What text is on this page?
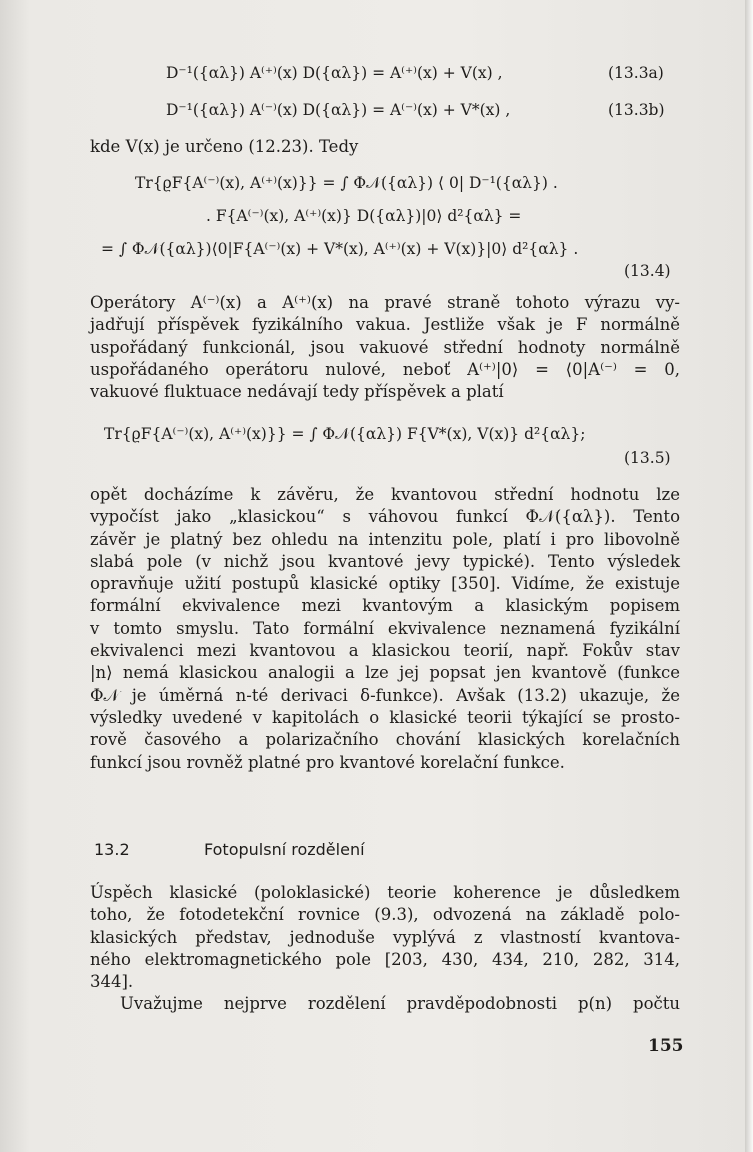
D⁻¹({αλ}) A⁽⁺⁾(x) D({αλ}) = A⁽⁺⁾(x) + V(x) ,	(13.3a)
D⁻¹({αλ}) A⁽⁻⁾(x) D({αλ}) = A⁽⁻⁾(x) + V*(x) ,	(13.3b)
kde V(x) je určeno (12.23). Tedy
Tr{ϱF{A⁽⁻⁾(x), A⁽⁺⁾(x)}} = ∫ Φ𝒩({αλ}) ⟨ 0| D⁻¹({αλ}) .
. F{A⁽⁻⁾(x), A⁽⁺⁾(x)} D({αλ})|0⟩ d²{αλ} =
= ∫ Φ𝒩({αλ})⟨0|F{A⁽⁻⁾(x) + V*(x), A⁽⁺⁾(x) + V(x)}|0⟩ d²{αλ} .
(13.4)
Operátory A⁽⁻⁾(x) a A⁽⁺⁾(x) na pravé straně tohoto výrazu vy-
jadřují příspěvek fyzikálního vakua. Jestliže však je F normálně
uspořádaný funkcionál, jsou vakuové střední hodnoty normálně
uspořádaného operátoru nulové, neboť A⁽⁺⁾|0⟩ = ⟨0|A⁽⁻⁾ = 0,
vakuové fluktuace nedávají tedy příspěvek a platí
Tr{ϱF{A⁽⁻⁾(x), A⁽⁺⁾(x)}} = ∫ Φ𝒩({αλ}) F{V*(x), V(x)} d²{αλ};
(13.5)
opět docházíme k závěru, že kvantovou střední hodnotu lze
vypočíst jako „klasickou“ s váhovou funkcí Φ𝒩({αλ}). Tento
závěr je platný bez ohledu na intenzitu pole, platí i pro libovolně
slabá pole (v nichž jsou kvantové jevy typické). Tento výsledek
opravňuje užití postupů klasické optiky [350]. Vidíme, že existuje
formální ekvivalence mezi kvantovým a klasickým popisem
v tomto smyslu. Tato formální ekvivalence neznamená fyzikální
ekvivalenci mezi kvantovou a klasickou teorií, např. Fokův stav
|n⟩ nemá klasickou analogii a lze jej popsat jen kvantově (funkce
Φ𝒩 je úměrná n-té derivaci δ-funkce). Avšak (13.2) ukazuje, že
výsledky uvedené v kapitolách o klasické teorii týkající se prosto-
rově časového a polarizačního chování klasických korelačních
funkcí jsou rovněž platné pro kvantové korelační funkce.
13.2	Fotopulsní rozdělení
Úspěch klasické (poloklasické) teorie koherence je důsledkem
toho, že fotodetekční rovnice (9.3), odvozená na základě polo-
klasických představ, jednoduše vyplývá z vlastností kvantova-
ného elektromagnetického pole [203, 430, 434, 210, 282, 314,
344].
Uvažujme nejprve rozdělení pravděpodobnosti p(n) počtu
155
